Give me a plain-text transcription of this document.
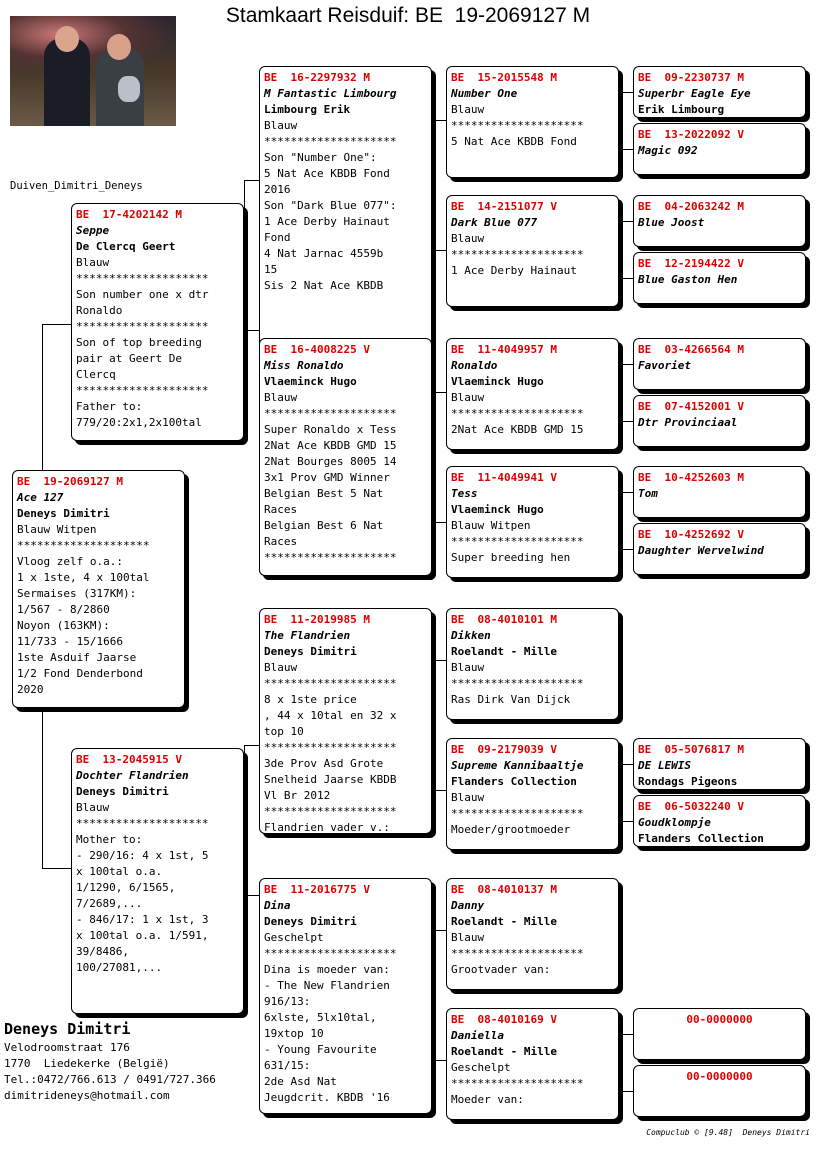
Stamkaart Reisduif: BE  19-2069127 M
Duiven_Dimitri_Deneys
BE  19-2069127 M
Ace 127
Deneys Dimitri
Blauw Witpen
********************
Vloog zelf o.a.:
1 x 1ste, 4 x 100tal
Sermaises (317KM):
1/567 - 8/2860
Noyon (163KM):
11/733 - 15/1666
1ste Asduif Jaarse
1/2 Fond Denderbond
2020
BE  17-4202142 M
Seppe
De Clercq Geert
Blauw
********************
Son number one x dtr
Ronaldo
********************
Son of top breeding
pair at Geert De
Clercq
********************
Father to:
779/20:2x1,2x100tal
BE  13-2045915 V
Dochter Flandrien
Deneys Dimitri
Blauw
********************
Mother to:
- 290/16: 4 x 1st, 5
x 100tal o.a.
1/1290, 6/1565,
7/2689,...
- 846/17: 1 x 1st, 3
x 100tal o.a. 1/591,
39/8486,
100/27081,...
BE  16-2297932 M
M Fantastic Limbourg
Limbourg Erik
Blauw
********************
Son "Number One":
5 Nat Ace KBDB Fond
2016
Son "Dark Blue 077":
1 Ace Derby Hainaut
Fond
4 Nat Jarnac 4559b
15
Sis 2 Nat Ace KBDB
BE  16-4008225 V
Miss Ronaldo
Vlaeminck Hugo
Blauw
********************
Super Ronaldo x Tess
2Nat Ace KBDB GMD 15
2Nat Bourges 8005 14
3x1 Prov GMD Winner
Belgian Best 5 Nat
Races
Belgian Best 6 Nat
Races
********************
BE  11-2019985 M
The Flandrien
Deneys Dimitri
Blauw
********************
8 x 1ste price
, 44 x 10tal en 32 x
top 10
********************
3de Prov Asd Grote
Snelheid Jaarse KBDB
Vl Br 2012
********************
Flandrien vader v.:
BE  11-2016775 V
Dina
Deneys Dimitri
Geschelpt
********************
Dina is moeder van:
- The New Flandrien
916/13:
6xlste, 5lx10tal,
19xtop 10
- Young Favourite
631/15:
2de Asd Nat
Jeugdcrit. KBDB '16
BE  15-2015548 M
Number One
Blauw
********************
5 Nat Ace KBDB Fond
BE  14-2151077 V
Dark Blue 077
Blauw
********************
1 Ace Derby Hainaut
BE  11-4049957 M
Ronaldo
Vlaeminck Hugo
Blauw
********************
2Nat Ace KBDB GMD 15
BE  11-4049941 V
Tess
Vlaeminck Hugo
Blauw Witpen
********************
Super breeding hen
BE  08-4010101 M
Dikken
Roelandt - Mille
Blauw
********************
Ras Dirk Van Dijck
BE  09-2179039 V
Supreme Kannibaaltje
Flanders Collection
Blauw
********************
Moeder/grootmoeder
BE  08-4010137 M
Danny
Roelandt - Mille
Blauw
********************
Grootvader van:
BE  08-4010169 V
Daniella
Roelandt - Mille
Geschelpt
********************
Moeder van:
BE  09-2230737 M
Superbr Eagle Eye
Erik Limbourg
BE  13-2022092 V
Magic 092
BE  04-2063242 M
Blue Joost
BE  12-2194422 V
Blue Gaston Hen
BE  03-4266564 M
Favoriet
BE  07-4152001 V
Dtr Provinciaal
BE  10-4252603 M
Tom
BE  10-4252692 V
Daughter Wervelwind
BE  05-5076817 M
DE LEWIS
Rondags Pigeons
BE  06-5032240 V
Goudklompje
Flanders Collection
00-0000000
00-0000000
Deneys Dimitri
Velodroomstraat 176
1770  Liedekerke (België)
Tel.:0472/766.613 / 0491/727.366
dimitrideneys@hotmail.com
Compuclub © [9.48]  Deneys Dimitri
